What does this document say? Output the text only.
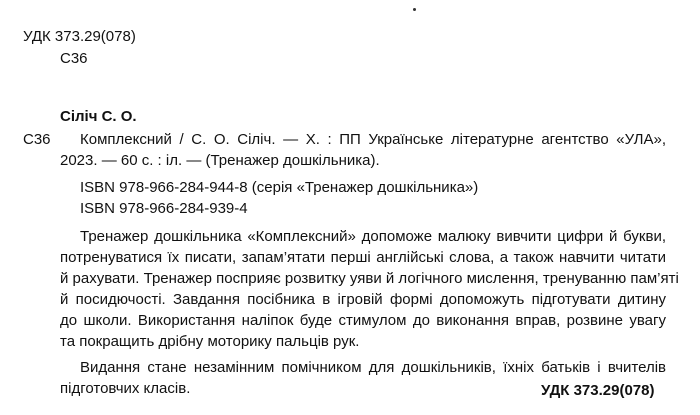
УДК 373.29(078)
С36
Сіліч С. О.
С36 Комплексний / С. О. Сіліч. — Х. : ПП Українське літературне агентство «УЛА»,
2023. — 60 с. : іл. — (Тренажер дошкільника).
ISBN 978-966-284-944-8 (серія «Тренажер дошкільника»)
ISBN 978-966-284-939-4
Тренажер дошкільника «Комплексний» допоможе малюку вивчити цифри й букви,
потренуватися їх писати, запам’ятати перші англійські слова, а також навчити читати
й рахувати. Тренажер посприяє розвитку уяви й логічного мислення, тренуванню пам’яті
й посидючості. Завдання посібника в ігровій формі допоможуть підготувати дитину
до школи. Використання наліпок буде стимулом до виконання вправ, розвине увагу
та покращить дрібну моторику пальців рук.
Видання стане незамінним помічником для дошкільників, їхніх батьків і вчителів
підготовчих класів.	УДК 373.29(078)
